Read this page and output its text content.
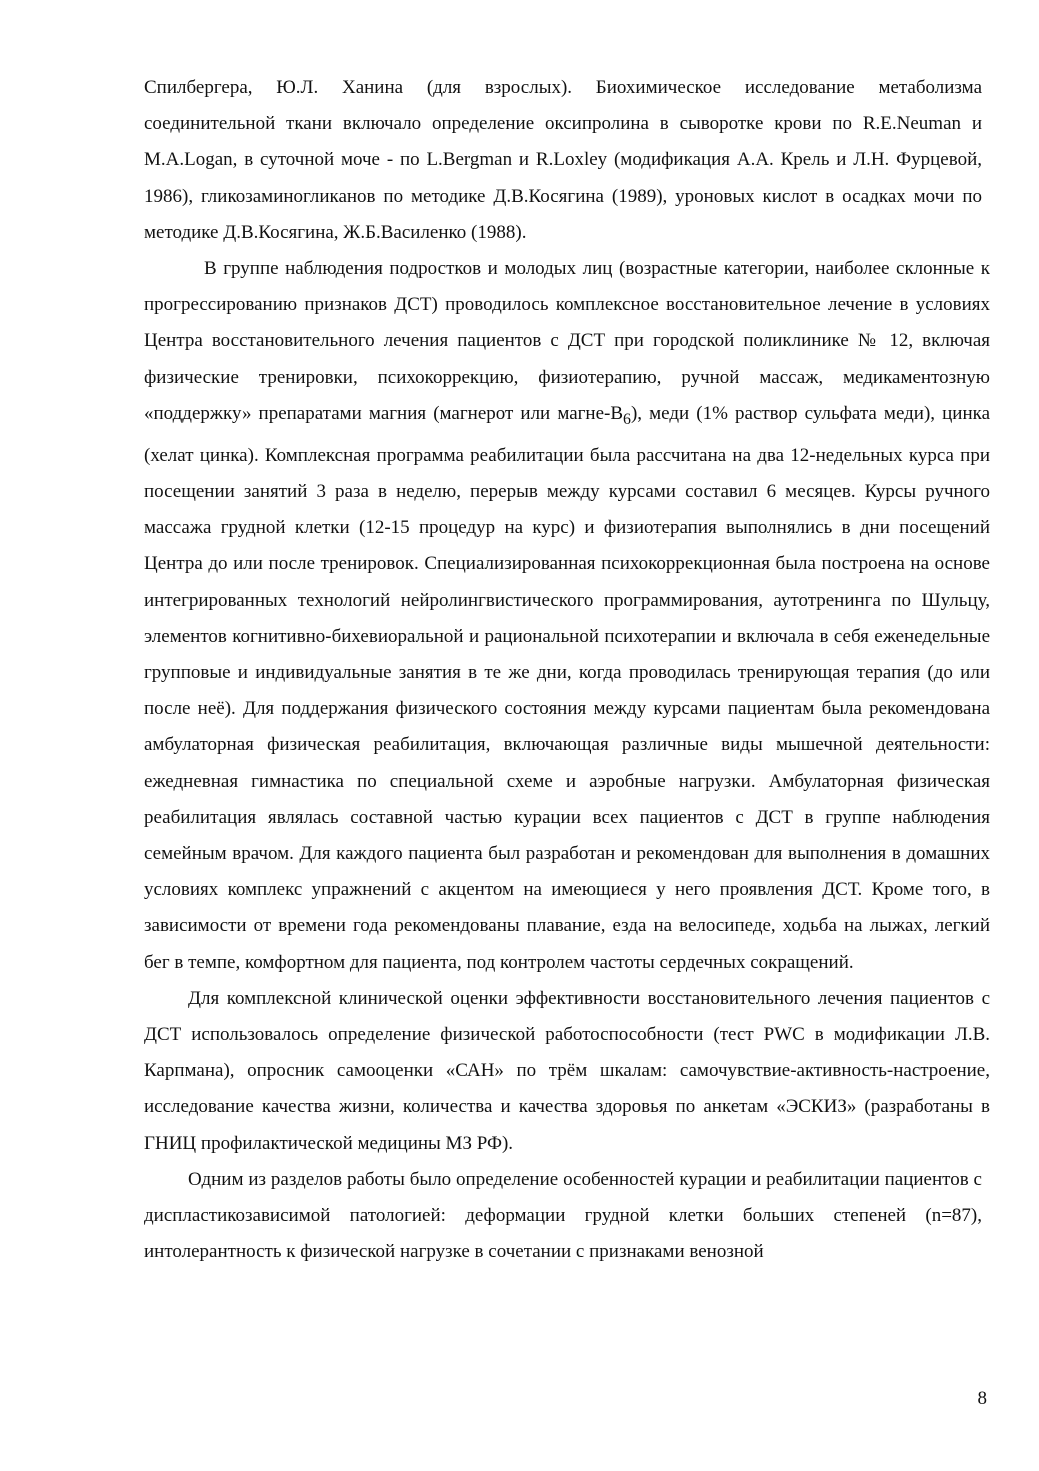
Спилбергера, Ю.Л. Ханина (для взрослых). Биохимическое исследование метаболизма соединительной ткани включало определение оксипролина в сыворотке крови по R.E.Neuman и M.A.Logan, в суточной моче - по L.Bergman и R.Loxley (модификация А.А. Крель и Л.Н. Фурцевой, 1986), гликозаминогликанов по методике Д.В.Косягина (1989), уроновых кислот в осадках мочи по методике Д.В.Косягина, Ж.Б.Василенко (1988).

В группе наблюдения подростков и молодых лиц (возрастные категории, наиболее склонные к прогрессированию признаков ДСТ) проводилось комплексное восстановительное лечение в условиях Центра восстановительного лечения пациентов с ДСТ при городской поликлинике № 12, включая физические тренировки, психокоррекцию, физиотерапию, ручной массаж, медикаментозную «поддержку» препаратами магния (магнерот или магне-$В_6$), меди (1% раствор сульфата меди), цинка (хелат цинка). Комплексная программа реабилитации была рассчитана на два 12-недельных курса при посещении занятий 3 раза в неделю, перерыв между курсами составил 6 месяцев. Курсы ручного массажа грудной клетки (12-15 процедур на курс) и физиотерапия выполнялись в дни посещений Центра до или после тренировок. Специализированная психокоррекционная была построена на основе интегрированных технологий нейролингвистического программирования, аутотренинга по Шульцу, элементов когнитивно-бихевиоральной и рациональной психотерапии и включала в себя еженедельные групповые и индивидуальные занятия в те же дни, когда проводилась тренирующая терапия (до или после неё). Для поддержания физического состояния между курсами пациентам была рекомендована амбулаторная физическая реабилитация, включающая различные виды мышечной деятельности: ежедневная гимнастика по специальной схеме и аэробные нагрузки. Амбулаторная физическая реабилитация являлась составной частью курации всех пациентов с ДСТ в группе наблюдения семейным врачом. Для каждого пациента был разработан и рекомендован для выполнения в домашних условиях комплекс упражнений с акцентом на имеющиеся у него проявления ДСТ. Кроме того, в зависимости от времени года рекомендованы плавание, езда на велосипеде, ходьба на лыжах, легкий бег в темпе, комфортном для пациента, под контролем частоты сердечных сокращений.

Для комплексной клинической оценки эффективности восстановительного лечения пациентов с ДСТ использовалось определение физической работоспособности (тест PWC в модификации Л.В. Карпмана), опросник самооценки «САН» по трём шкалам: самочувствие-активность-настроение, исследование качества жизни, количества и качества здоровья по анкетам «ЭСКИЗ» (разработаны в ГНИЦ профилактической медицины МЗ РФ).

Одним из разделов работы было определение особенностей курации и реабилитации пациентов с диспластикозависимой патологией: деформации грудной клетки больших степеней (n=87), интолерантность к физической нагрузке в сочетании с признаками венозной

8
